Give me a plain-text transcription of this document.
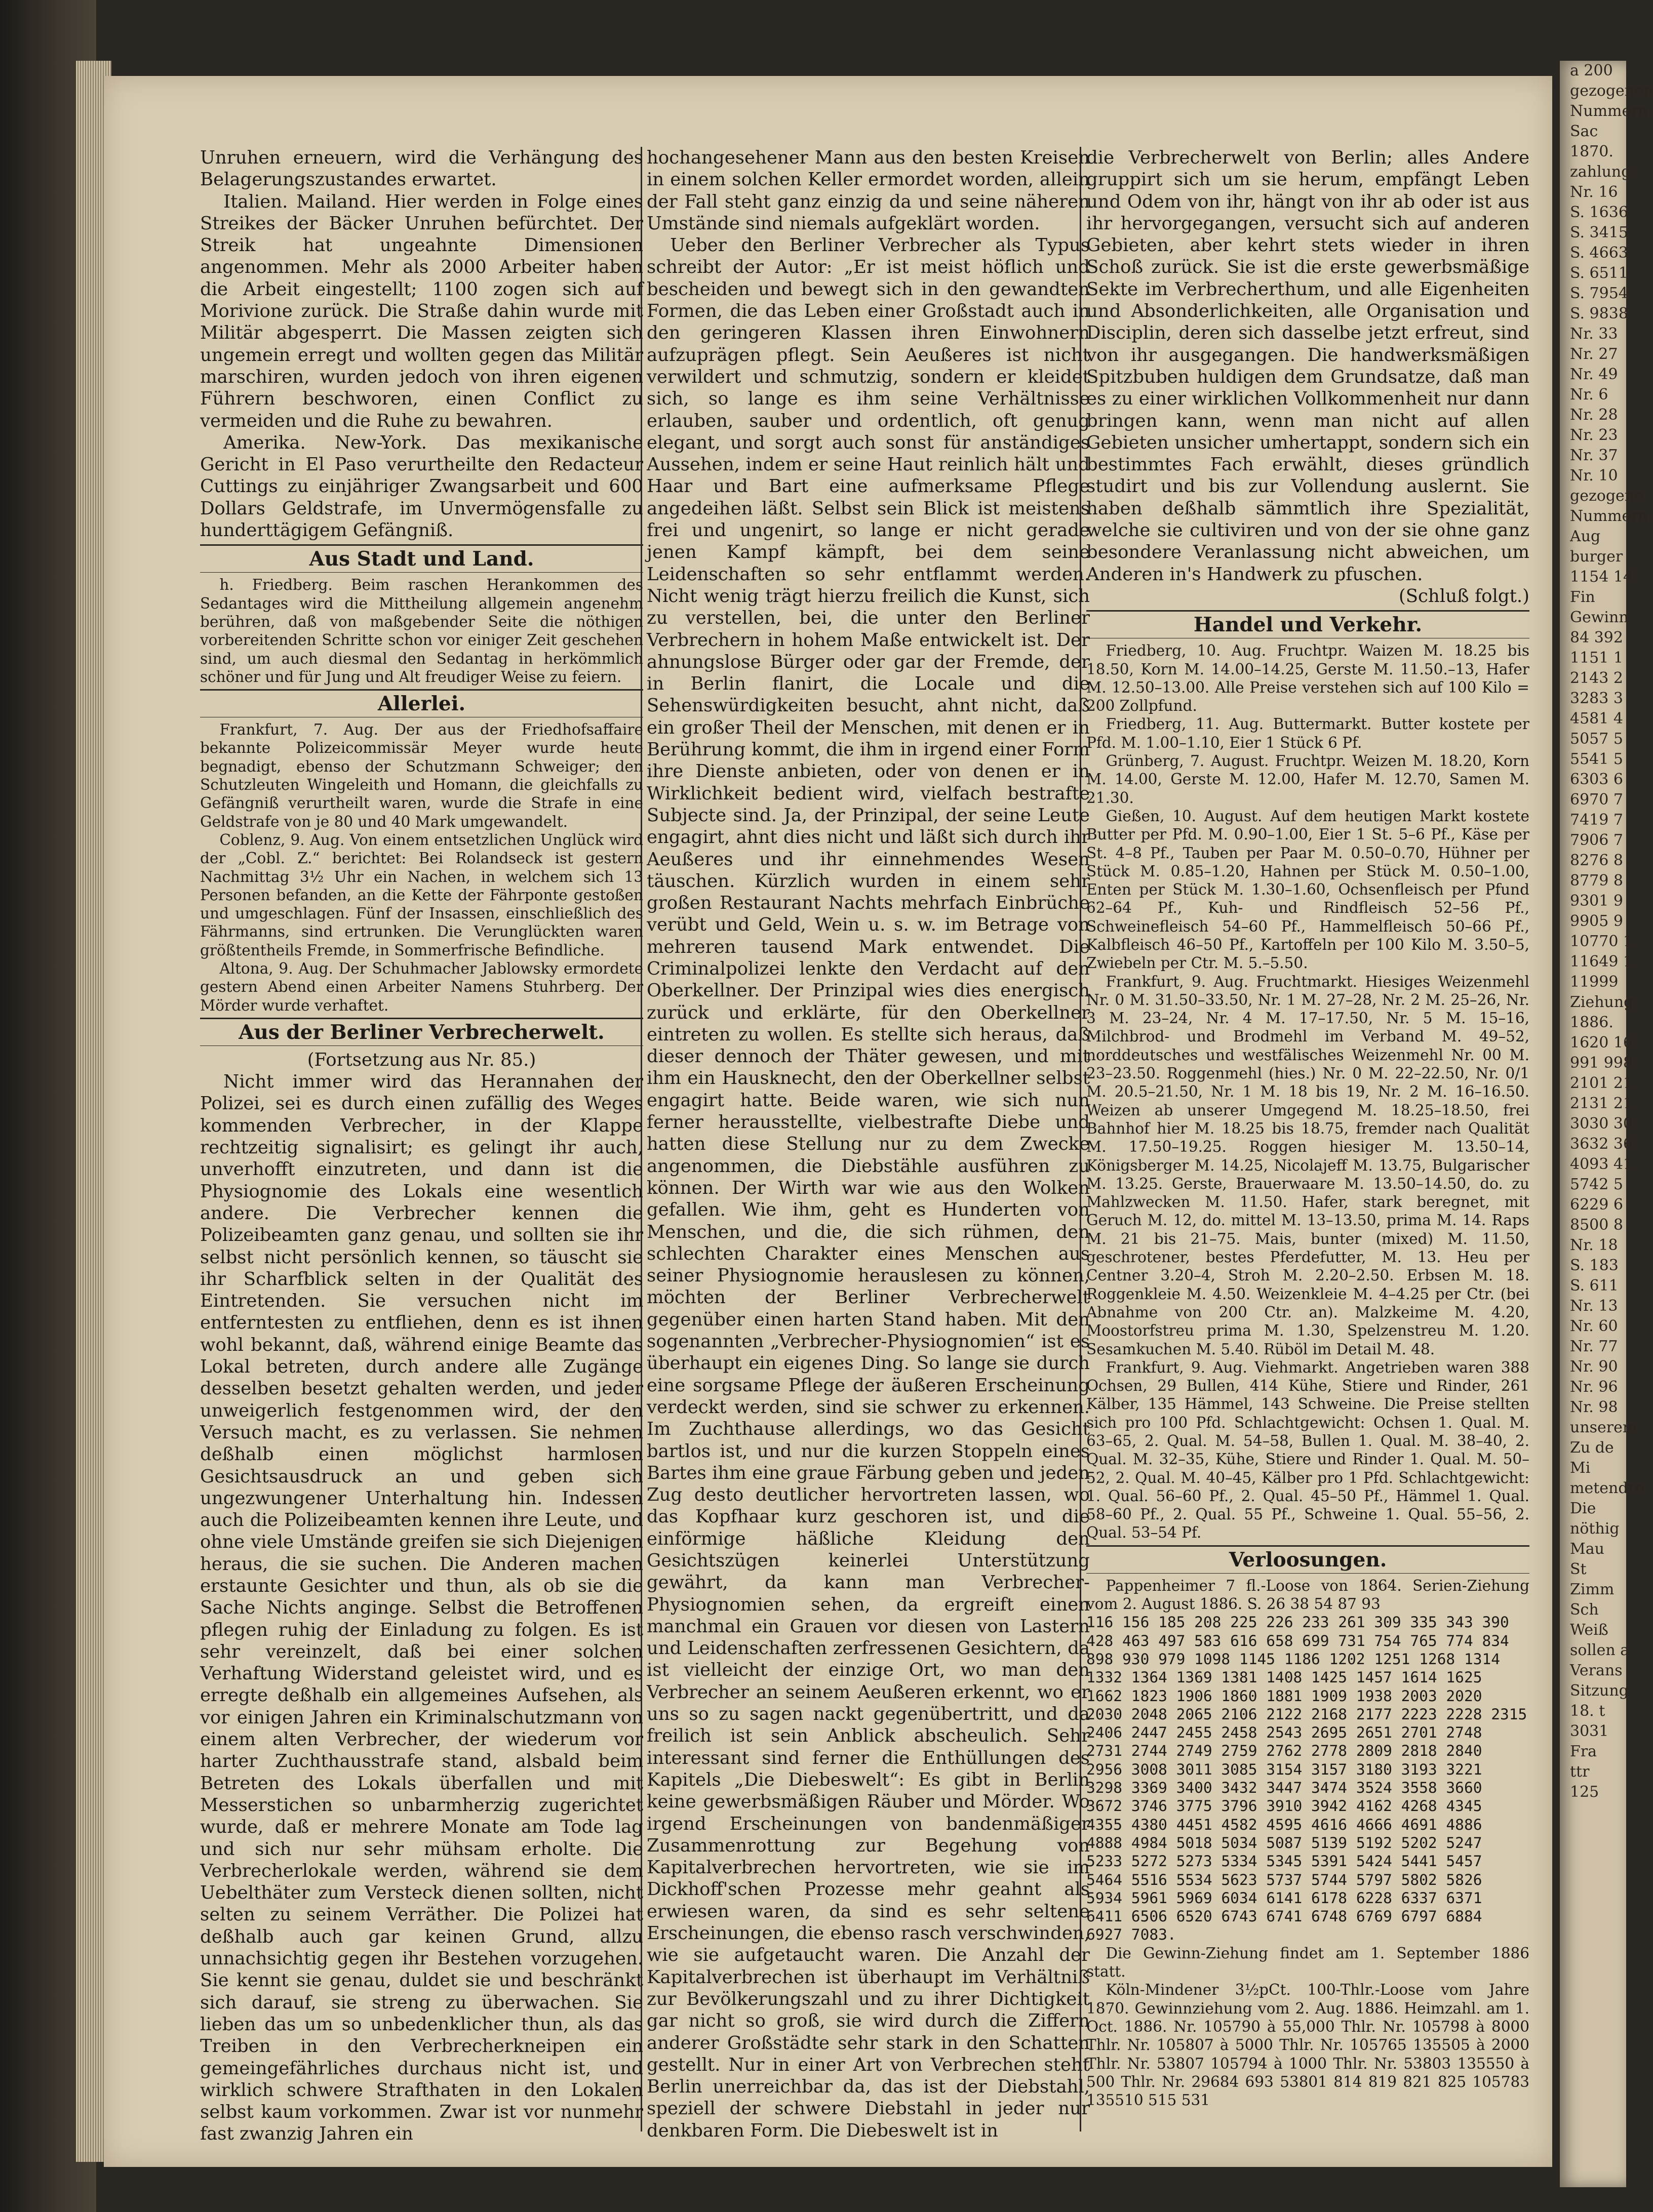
Unruhen erneuern, wird die Verhängung des Belagerungszustandes erwartet.

Italien. Mailand. Hier werden in Folge eines Streikes der Bäcker Unruhen befürchtet. Der Streik hat ungeahnte Dimensionen angenommen. Mehr als 2000 Arbeiter haben die Arbeit eingestellt; 1100 zogen sich auf Morivione zurück. Die Straße dahin wurde mit Militär abgesperrt. Die Massen zeigten sich ungemein erregt und wollten gegen das Militär marschiren, wurden jedoch von ihren eigenen Führern beschworen, einen Conflict zu vermeiden und die Ruhe zu bewahren.

Amerika. New-York. Das mexikanische Gericht in El Paso verurtheilte den Redacteur Cuttings zu einjähriger Zwangsarbeit und 600 Dollars Geldstrafe, im Unvermögensfalle zu hunderttägigem Gefängniß.

Aus Stadt und Land.

h. Friedberg. Beim raschen Herankommen des Sedantages wird die Mittheilung allgemein angenehm berühren, daß von maßgebender Seite die nöthigen vorbereitenden Schritte schon vor einiger Zeit geschehen sind, um auch diesmal den Sedantag in herkömmlich schöner und für Jung und Alt freudiger Weise zu feiern.

Allerlei.

Frankfurt, 7. Aug. Der aus der Friedhofsaffaire bekannte Polizeicommissär Meyer wurde heute begnadigt, ebenso der Schutzmann Schweiger; den Schutzleuten Wingeleith und Homann, die gleichfalls zu Gefängniß verurtheilt waren, wurde die Strafe in eine Geldstrafe von je 80 und 40 Mark umgewandelt.

Coblenz, 9. Aug. Von einem entsetzlichen Unglück wird der „Cobl. Z.“ berichtet: Bei Rolandseck ist gestern Nachmittag 3½ Uhr ein Nachen, in welchem sich 13 Personen befanden, an die Kette der Fährponte gestoßen und umgeschlagen. Fünf der Insassen, einschließlich des Fährmanns, sind ertrunken. Die Verunglückten waren größtentheils Fremde, in Sommerfrische Befindliche.

Altona, 9. Aug. Der Schuhmacher Jablowsky ermordete gestern Abend einen Arbeiter Namens Stuhrberg. Der Mörder wurde verhaftet.

Aus der Berliner Verbrecherwelt.

(Fortsetzung aus Nr. 85.)

Nicht immer wird das Herannahen der Polizei, sei es durch einen zufällig des Weges kommenden Verbrecher, in der Klappe rechtzeitig signalisirt; es gelingt ihr auch, unverhofft einzutreten, und dann ist die Physiognomie des Lokals eine wesentlich andere. Die Verbrecher kennen die Polizeibeamten ganz genau, und sollten sie ihr selbst nicht persönlich kennen, so täuscht sie ihr Scharfblick selten in der Qualität des Eintretenden. Sie versuchen nicht im entferntesten zu entfliehen, denn es ist ihnen wohl bekannt, daß, während einige Beamte das Lokal betreten, durch andere alle Zugänge desselben besetzt gehalten werden, und jeder unweigerlich festgenommen wird, der den Versuch macht, es zu verlassen. Sie nehmen deßhalb einen möglichst harmlosen Gesichtsausdruck an und geben sich ungezwungener Unterhaltung hin. Indessen auch die Polizeibeamten kennen ihre Leute, und ohne viele Umstände greifen sie sich Diejenigen heraus, die sie suchen. Die Anderen machen erstaunte Gesichter und thun, als ob sie die Sache Nichts anginge. Selbst die Betroffenen pflegen ruhig der Einladung zu folgen. Es ist sehr vereinzelt, daß bei einer solchen Verhaftung Widerstand geleistet wird, und es erregte deßhalb ein allgemeines Aufsehen, als vor einigen Jahren ein Kriminalschutzmann von einem alten Verbrecher, der wiederum vor harter Zuchthausstrafe stand, alsbald beim Betreten des Lokals überfallen und mit Messerstichen so unbarmherzig zugerichtet wurde, daß er mehrere Monate am Tode lag und sich nur sehr mühsam erholte. Die Verbrecherlokale werden, während sie dem Uebelthäter zum Versteck dienen sollten, nicht selten zu seinem Verräther. Die Polizei hat deßhalb auch gar keinen Grund, allzu unnachsichtig gegen ihr Bestehen vorzugehen. Sie kennt sie genau, duldet sie und beschränkt sich darauf, sie streng zu überwachen. Sie lieben das um so unbedenklicher thun, als das Treiben in den Verbrecherkneipen ein gemeingefährliches durchaus nicht ist, und wirklich schwere Strafthaten in den Lokalen selbst kaum vorkommen. Zwar ist vor nunmehr fast zwanzig Jahren ein

hochangesehener Mann aus den besten Kreisen in einem solchen Keller ermordet worden, allein der Fall steht ganz einzig da und seine näheren Umstände sind niemals aufgeklärt worden.

Ueber den Berliner Verbrecher als Typus schreibt der Autor: „Er ist meist höflich und bescheiden und bewegt sich in den gewandten Formen, die das Leben einer Großstadt auch in den geringeren Klassen ihren Einwohnern aufzuprägen pflegt. Sein Aeußeres ist nicht verwildert und schmutzig, sondern er kleidet sich, so lange es ihm seine Verhältnisse erlauben, sauber und ordentlich, oft genug elegant, und sorgt auch sonst für anständiges Aussehen, indem er seine Haut reinlich hält und Haar und Bart eine aufmerksame Pflege angedeihen läßt. Selbst sein Blick ist meistens frei und ungenirt, so lange er nicht gerade jenen Kampf kämpft, bei dem seine Leidenschaften so sehr entflammt werden. Nicht wenig trägt hierzu freilich die Kunst, sich zu verstellen, bei, die unter den Berliner Verbrechern in hohem Maße entwickelt ist. Der ahnungslose Bürger oder gar der Fremde, der in Berlin flanirt, die Locale und die Sehenswürdigkeiten besucht, ahnt nicht, daß ein großer Theil der Menschen, mit denen er in Berührung kommt, die ihm in irgend einer Form ihre Dienste anbieten, oder von denen er in Wirklichkeit bedient wird, vielfach bestrafte Subjecte sind. Ja, der Prinzipal, der seine Leute engagirt, ahnt dies nicht und läßt sich durch ihr Aeußeres und ihr einnehmendes Wesen täuschen. Kürzlich wurden in einem sehr großen Restaurant Nachts mehrfach Einbrüche verübt und Geld, Wein u. s. w. im Betrage von mehreren tausend Mark entwendet. Die Criminalpolizei lenkte den Verdacht auf den Oberkellner. Der Prinzipal wies dies energisch zurück und erklärte, für den Oberkellner eintreten zu wollen. Es stellte sich heraus, daß dieser dennoch der Thäter gewesen, und mit ihm ein Hausknecht, den der Oberkellner selbst engagirt hatte. Beide waren, wie sich nun ferner herausstellte, vielbestrafte Diebe und hatten diese Stellung nur zu dem Zwecke angenommen, die Diebstähle ausführen zu können. Der Wirth war wie aus den Wolken gefallen. Wie ihm, geht es Hunderten von Menschen, und die, die sich rühmen, den schlechten Charakter eines Menschen aus seiner Physiognomie herauslesen zu können, möchten der Berliner Verbrecherwelt gegenüber einen harten Stand haben. Mit den sogenannten „Verbrecher-Physiognomien“ ist es überhaupt ein eigenes Ding. So lange sie durch eine sorgsame Pflege der äußeren Erscheinung verdeckt werden, sind sie schwer zu erkennen. Im Zuchthause allerdings, wo das Gesicht bartlos ist, und nur die kurzen Stoppeln eines Bartes ihm eine graue Färbung geben und jeden Zug desto deutlicher hervortreten lassen, wo das Kopfhaar kurz geschoren ist, und die einförmige häßliche Kleidung den Gesichtszügen keinerlei Unterstützung gewährt, da kann man Verbrecher-Physiognomien sehen, da ergreift einen manchmal ein Grauen vor diesen von Lastern und Leidenschaften zerfressenen Gesichtern, da ist vielleicht der einzige Ort, wo man den Verbrecher an seinem Aeußeren erkennt, wo er uns so zu sagen nackt gegenübertritt, und da freilich ist sein Anblick abscheulich. Sehr interessant sind ferner die Enthüllungen des Kapitels „Die Diebeswelt“: Es gibt in Berlin keine gewerbsmäßigen Räuber und Mörder. Wo irgend Erscheinungen von bandenmäßiger Zusammenrottung zur Begehung von Kapitalverbrechen hervortreten, wie sie im Dickhoff'schen Prozesse mehr geahnt als erwiesen waren, da sind es sehr seltene Erscheinungen, die ebenso rasch verschwinden, wie sie aufgetaucht waren. Die Anzahl der Kapitalverbrechen ist überhaupt im Verhältniß zur Bevölkerungszahl und zu ihrer Dichtigkeit gar nicht so groß, sie wird durch die Ziffern anderer Großstädte sehr stark in den Schatten gestellt. Nur in einer Art von Verbrechen steht Berlin unerreichbar da, das ist der Diebstahl, speziell der schwere Diebstahl in jeder nur denkbaren Form. Die Diebeswelt ist in

die Verbrecherwelt von Berlin; alles Andere gruppirt sich um sie herum, empfängt Leben und Odem von ihr, hängt von ihr ab oder ist aus ihr hervorgegangen, versucht sich auf anderen Gebieten, aber kehrt stets wieder in ihren Schoß zurück. Sie ist die erste gewerbsmäßige Sekte im Verbrecherthum, und alle Eigenheiten und Absonderlichkeiten, alle Organisation und Disciplin, deren sich dasselbe jetzt erfreut, sind von ihr ausgegangen. Die handwerksmäßigen Spitzbuben huldigen dem Grundsatze, daß man es zu einer wirklichen Vollkommenheit nur dann bringen kann, wenn man nicht auf allen Gebieten unsicher umhertappt, sondern sich ein bestimmtes Fach erwählt, dieses gründlich studirt und bis zur Vollendung auslernt. Sie haben deßhalb sämmtlich ihre Spezialität, welche sie cultiviren und von der sie ohne ganz besondere Veranlassung nicht abweichen, um Anderen in's Handwerk zu pfuschen.

(Schluß folgt.)

Handel und Verkehr.

Friedberg, 10. Aug. Fruchtpr. Waizen M. 18.25 bis 18.50, Korn M. 14.00–14.25, Gerste M. 11.50.–13, Hafer M. 12.50–13.00. Alle Preise verstehen sich auf 100 Kilo = 200 Zollpfund.

Friedberg, 11. Aug. Buttermarkt. Butter kostete per Pfd. M. 1.00–1.10, Eier 1 Stück 6 Pf.

Grünberg, 7. August. Fruchtpr. Weizen M. 18.20, Korn M. 14.00, Gerste M. 12.00, Hafer M. 12.70, Samen M. 21.30.

Gießen, 10. August. Auf dem heutigen Markt kostete Butter per Pfd. M. 0.90–1.00, Eier 1 St. 5–6 Pf., Käse per St. 4–8 Pf., Tauben per Paar M. 0.50–0.70, Hühner per Stück M. 0.85–1.20, Hahnen per Stück M. 0.50–1.00, Enten per Stück M. 1.30–1.60, Ochsenfleisch per Pfund 62–64 Pf., Kuh- und Rindfleisch 52–56 Pf., Schweinefleisch 54–60 Pf., Hammelfleisch 50–66 Pf., Kalbfleisch 46–50 Pf., Kartoffeln per 100 Kilo M. 3.50–5, Zwiebeln per Ctr. M. 5.–5.50.

Frankfurt, 9. Aug. Fruchtmarkt. Hiesiges Weizenmehl Nr. 0 M. 31.50–33.50, Nr. 1 M. 27–28, Nr. 2 M. 25–26, Nr. 3 M. 23–24, Nr. 4 M. 17–17.50, Nr. 5 M. 15–16, Milchbrod- und Brodmehl im Verband M. 49–52, norddeutsches und westfälisches Weizenmehl Nr. 00 M. 23–23.50. Roggenmehl (hies.) Nr. 0 M. 22–22.50, Nr. 0/1 M. 20.5–21.50, Nr. 1 M. 18 bis 19, Nr. 2 M. 16–16.50. Weizen ab unserer Umgegend M. 18.25–18.50, frei Bahnhof hier M. 18.25 bis 18.75, fremder nach Qualität M. 17.50–19.25. Roggen hiesiger M. 13.50–14, Königsberger M. 14.25, Nicolajeff M. 13.75, Bulgarischer M. 13.25. Gerste, Brauerwaare M. 13.50–14.50, do. zu Mahlzwecken M. 11.50. Hafer, stark beregnet, mit Geruch M. 12, do. mittel M. 13–13.50, prima M. 14. Raps M. 21 bis 21–75. Mais, bunter (mixed) M. 11.50, geschrotener, bestes Pferdefutter, M. 13. Heu per Centner 3.20–4, Stroh M. 2.20–2.50. Erbsen M. 18. Roggenkleie M. 4.50. Weizenkleie M. 4–4.25 per Ctr. (bei Abnahme von 200 Ctr. an). Malzkeime M. 4.20, Moostorfstreu prima M. 1.30, Spelzenstreu M. 1.20. Sesamkuchen M. 5.40. Rüböl im Detail M. 48.

Frankfurt, 9. Aug. Viehmarkt. Angetrieben waren 388 Ochsen, 29 Bullen, 414 Kühe, Stiere und Rinder, 261 Kälber, 135 Hämmel, 143 Schweine. Die Preise stellten sich pro 100 Pfd. Schlachtgewicht: Ochsen 1. Qual. M. 63–65, 2. Qual. M. 54–58, Bullen 1. Qual. M. 38–40, 2. Qual. M. 32–35, Kühe, Stiere und Rinder 1. Qual. M. 50–52, 2. Qual. M. 40–45, Kälber pro 1 Pfd. Schlachtgewicht: 1. Qual. 56–60 Pf., 2. Qual. 45–50 Pf., Hämmel 1. Qual. 58–60 Pf., 2. Qual. 55 Pf., Schweine 1. Qual. 55–56, 2. Qual. 53–54 Pf.

Verloosungen.

Pappenheimer 7 fl.-Loose von 1864. Serien-Ziehung vom 2. August 1886. S. 26 38 54 87 93

116 156 185 208 225 226 233 261 309 335 343 390
428 463 497 583 616 658 699 731 754 765 774 834
898 930 979 1098 1145 1186 1202 1251 1268 1314
1332 1364 1369 1381 1408 1425 1457 1614 1625
1662 1823 1906 1860 1881 1909 1938 2003 2020
2030 2048 2065 2106 2122 2168 2177 2223 2228 2315
2406 2447 2455 2458 2543 2695 2651 2701 2748
2731 2744 2749 2759 2762 2778 2809 2818 2840
2956 3008 3011 3085 3154 3157 3180 3193 3221
3298 3369 3400 3432 3447 3474 3524 3558 3660
3672 3746 3775 3796 3910 3942 4162 4268 4345
4355 4380 4451 4582 4595 4616 4666 4691 4886
4888 4984 5018 5034 5087 5139 5192 5202 5247
5233 5272 5273 5334 5345 5391 5424 5441 5457
5464 5516 5534 5623 5737 5744 5797 5802 5826
5934 5961 5969 6034 6141 6178 6228 6337 6371
6411 6506 6520 6743 6741 6748 6769 6797 6884
6927 7083.

Die Gewinn-Ziehung findet am 1. September 1886 statt.

Köln-Mindener 3½pCt. 100-Thlr.-Loose vom Jahre 1870. Gewinnziehung vom 2. Aug. 1886. Heimzahl. am 1. Oct. 1886. Nr. 105790 à 55,000 Thlr. Nr. 105798 à 8000 Thlr. Nr. 105807 à 5000 Thlr. Nr. 105765 135505 à 2000 Thlr. Nr. 53807 105794 à 1000 Thlr. Nr. 53803 135550 à 500 Thlr. Nr. 29684 693 53801 814 819 821 825 105783 135510 515 531

a 200
gezogenen
Nummern
Sac
1870.
zahlung
Nr. 16
S. 1636
S. 3415
S. 4663
S. 6511
S. 7954
S. 9838
Nr. 33
Nr. 27
Nr. 49
Nr. 6
Nr. 28
Nr. 23
Nr. 37
Nr. 10
gezogene
Nummern
Aug
burger
1154 14
Fin
Gewinn
84 392
1151 1
2143 2
3283 3
4581 4
5057 5
5541 5
6303 6
6970 7
7419 7
7906 7
8276 8
8779 8
9301 9
9905 9
10770 1
11649 1
11999
Ziehung
1886.
1620 16
991 998
2101 21
2131 21
3030 30
3632 36
4093 41
5742 5
6229 6
8500 8
Nr. 18
S. 183
S. 611
Nr. 13
Nr. 60
Nr. 77
Nr. 90
Nr. 96
Nr. 98
unserem
Zu de
Mi
metendro
Die
nöthig
Mau
St
Zimm
Sch
Weiß
sollen a
Verans
Sitzung
18. t
3031
Fra
ttr
125
